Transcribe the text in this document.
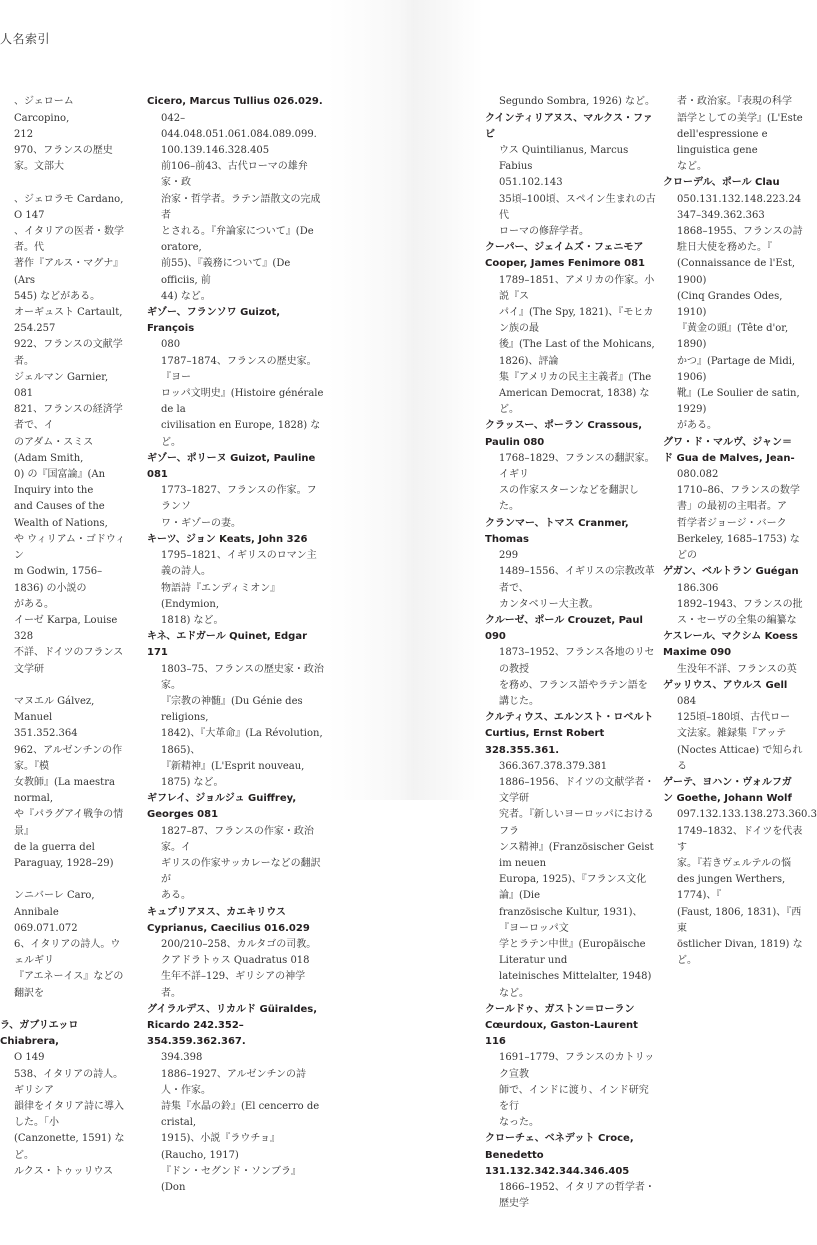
人名索引

、ジェローム Carcopino,
212
970、フランスの歴史家。文部大

、ジェロラモ Cardano,
O 147
、イタリアの医者・数学者。代
著作『アルス・マグナ』(Ars
545) などがある。
オーギュスト Cartault,
254.257
922、フランスの文献学者。
ジェルマン Garnier,
081
821、フランスの経済学者で、イ
のアダム・スミス (Adam Smith,
0) の『国富論』(An Inquiry into the
and Causes of the Wealth of Nations,
や ウィリアム・ゴドウィン
m Godwin, 1756–1836) の小説の
がある。
イーゼ Karpa, Louise 328
不詳、ドイツのフランス文学研

マヌエル Gálvez, Manuel
351.352.364
962、アルゼンチンの作家。『模
女教師』(La maestra normal,
や『パラグアイ戦争の情景』
de la guerra del Paraguay, 1928–29)

ンニバーレ Caro, Annibale
069.071.072
6、イタリアの詩人。ウェルギリ
『アエネーイス』などの翻訳を

ラ、ガブリエッロ Chiabrera,
O 149
538、イタリアの詩人。ギリシア
韻律をイタリア詩に導入した。「小
(Canzonette, 1591) など。
ルクス・トゥッリウス

Cicero, Marcus Tullius 026.029.
042–044.048.051.061.084.089.099.
100.139.146.328.405
前106–前43、古代ローマの雄弁家・政
治家・哲学者。ラテン語散文の完成者
とされる。『弁論家について』(De oratore,
前55)、『義務について』(De officiis, 前
44) など。
ギゾー、フランソワ Guizot, François
080
1787–1874、フランスの歴史家。『ヨー
ロッパ文明史』(Histoire générale de la
civilisation en Europe, 1828) など。
ギゾー、ポリーヌ Guizot, Pauline 081
1773–1827、フランスの作家。フランソ
ワ・ギゾーの妻。
キーツ、ジョン Keats, John 326
1795–1821、イギリスのロマン主義の詩人。
物語詩『エンディミオン』(Endymion,
1818) など。
キネ、エドガール Quinet, Edgar 171
1803–75、フランスの歴史家・政治家。
『宗教の神髄』(Du Génie des religions,
1842)、『大革命』(La Révolution, 1865)、
『新精神』(L'Esprit nouveau, 1875) など。
ギフレイ、ジョルジュ Guiffrey,
Georges 081
1827–87、フランスの作家・政治家。イ
ギリスの作家サッカレーなどの翻訳が
ある。
キュプリアヌス、カエキリウス
Cyprianus, Caecilius 016.029
200/210–258、カルタゴの司教。
クアドラトゥス Quadratus 018
生年不詳–129、ギリシアの神学者。
グイラルデス、リカルド Güiraldes,
Ricardo 242.352–354.359.362.367.
394.398
1886–1927、アルゼンチンの詩人・作家。
詩集『水晶の鈴』(El cencerro de cristal,
1915)、小説『ラウチョ』(Raucho, 1917)
『ドン・セグンド・ソンブラ』(Don

Segundo Sombra, 1926) など。
クインティリアヌス、マルクス・ファビ
ウス Quintilianus, Marcus Fabius
051.102.143
35頃–100頃、スペイン生まれの古代
ローマの修辞学者。
クーパー、ジェイムズ・フェニモア
Cooper, James Fenimore 081
1789–1851、アメリカの作家。小説『ス
パイ』(The Spy, 1821)、『モヒカン族の最
後』(The Last of the Mohicans, 1826)、評論
集『アメリカの民主主義者』(The
American Democrat, 1838) など。
クラッスー、ポーラン Crassous,
Paulin 080
1768–1829、フランスの翻訳家。イギリ
スの作家スターンなどを翻訳した。
クランマー、トマス Cranmer, Thomas
299
1489–1556、イギリスの宗教改革者で、
カンタベリー大主教。
クルーゼ、ポール Crouzet, Paul 090
1873–1952、フランス各地のリセの教授
を務め、フランス語やラテン語を講じた。
クルティウス、エルンスト・ロベルト
Curtius, Ernst Robert 328.355.361.
366.367.378.379.381
1886–1956、ドイツの文献学者・文学研
究者。『新しいヨーロッパにおけるフラ
ンス精神』(Französischer Geist im neuen
Europa, 1925)、『フランス文化論』(Die
französische Kultur, 1931)、『ヨーロッパ文
学とラテン中世』(Europäische Literatur und
lateinisches Mittelalter, 1948) など。
クールドゥ、ガストン＝ローラン
Cœurdoux, Gaston-Laurent 116
1691–1779、フランスのカトリック宣教
師で、インドに渡り、インド研究を行
なった。
クローチェ、ベネデット Croce,
Benedetto 131.132.342.344.346.405
1866–1952、イタリアの哲学者・歴史学

者・政治家。『表現の科学
語学としての美学』(L'Este
dell'espressione e linguistica gene
など。
クローデル、ポール Clau
050.131.132.148.223.24
347–349.362.363
1868–1955、フランスの詩
駐日大使を務めた。『
(Connaissance de l'Est, 1900)
(Cinq Grandes Odes, 1910)
『黄金の頭』(Tête d'or, 1890)
かつ』(Partage de Midi, 1906)
靴』(Le Soulier de satin, 1929)
がある。
グワ・ド・マルヴ、ジャン＝
ド Gua de Malves, Jean-
080.082
1710–86、フランスの数学
書」の最初の主唱者。ア
哲学者ジョージ・バーク
Berkeley, 1685–1753) などの
ゲガン、ベルトラン Guégan
186.306
1892–1943、フランスの批
ス・セーヴの全集の編纂な
ケスレール、マクシム Koess
Maxime 090
生没年不詳、フランスの英
ゲッリウス、アウルス Gell
084
125頃–180頃、古代ロー
文法家。雑録集『アッテ
(Noctes Atticae) で知られる
ゲーテ、ヨハン・ヴォルフガ
ン Goethe, Johann Wolf
097.132.133.138.273.360.3
1749–1832、ドイツを代表す
家。『若きヴェルテルの悩
des jungen Werthers, 1774)、『
(Faust, 1806, 1831)、『西東
östlicher Divan, 1819) など。
